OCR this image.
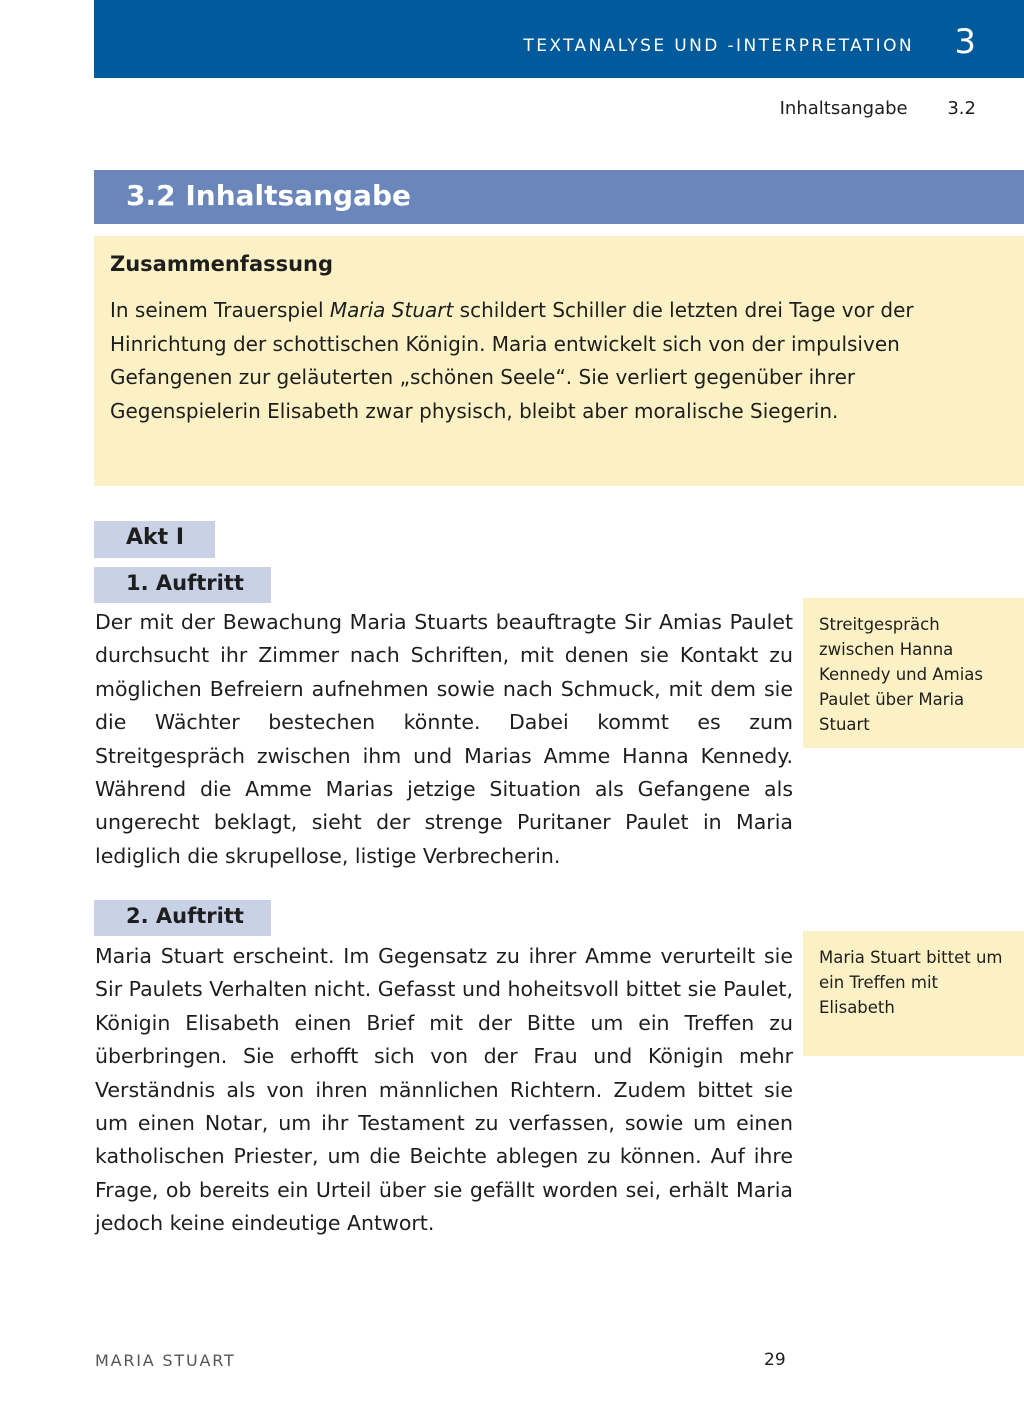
TEXTANALYSE UND -INTERPRETATION 3
Inhaltsangabe 3.2
3.2 Inhaltsangabe
Zusammenfassung
In seinem Trauerspiel Maria Stuart schildert Schiller die letzten drei Tage vor der Hinrichtung der schottischen Königin. Maria entwickelt sich von der impulsiven Gefangenen zur geläuterten „schönen Seele“. Sie verliert gegenüber ihrer Gegenspielerin Elisabeth zwar physisch, bleibt aber moralische Siegerin.
Akt I
1. Auftritt
Der mit der Bewachung Maria Stuarts beauftragte Sir Amias Paulet durchsucht ihr Zimmer nach Schriften, mit denen sie Kontakt zu möglichen Befreiern aufnehmen sowie nach Schmuck, mit dem sie die Wächter bestechen könnte. Dabei kommt es zum Streitgespräch zwischen ihm und Marias Amme Hanna Kennedy. Während die Amme Marias jetzige Situation als Gefangene als ungerecht beklagt, sieht der strenge Puritaner Paulet in Maria lediglich die skrupellose, listige Verbrecherin.
Streitgespräch zwischen Hanna Kennedy und Amias Paulet über Maria Stuart
2. Auftritt
Maria Stuart erscheint. Im Gegensatz zu ihrer Amme verurteilt sie Sir Paulets Verhalten nicht. Gefasst und hoheitsvoll bittet sie Paulet, Königin Elisabeth einen Brief mit der Bitte um ein Treffen zu überbringen. Sie erhofft sich von der Frau und Königin mehr Verständnis als von ihren männlichen Richtern. Zudem bittet sie um einen Notar, um ihr Testament zu verfassen, sowie um einen katholischen Priester, um die Beichte ablegen zu können. Auf ihre Frage, ob bereits ein Urteil über sie gefällt worden sei, erhält Maria jedoch keine eindeutige Antwort.
Maria Stuart bittet um ein Treffen mit Elisabeth
MARIA STUART	29
